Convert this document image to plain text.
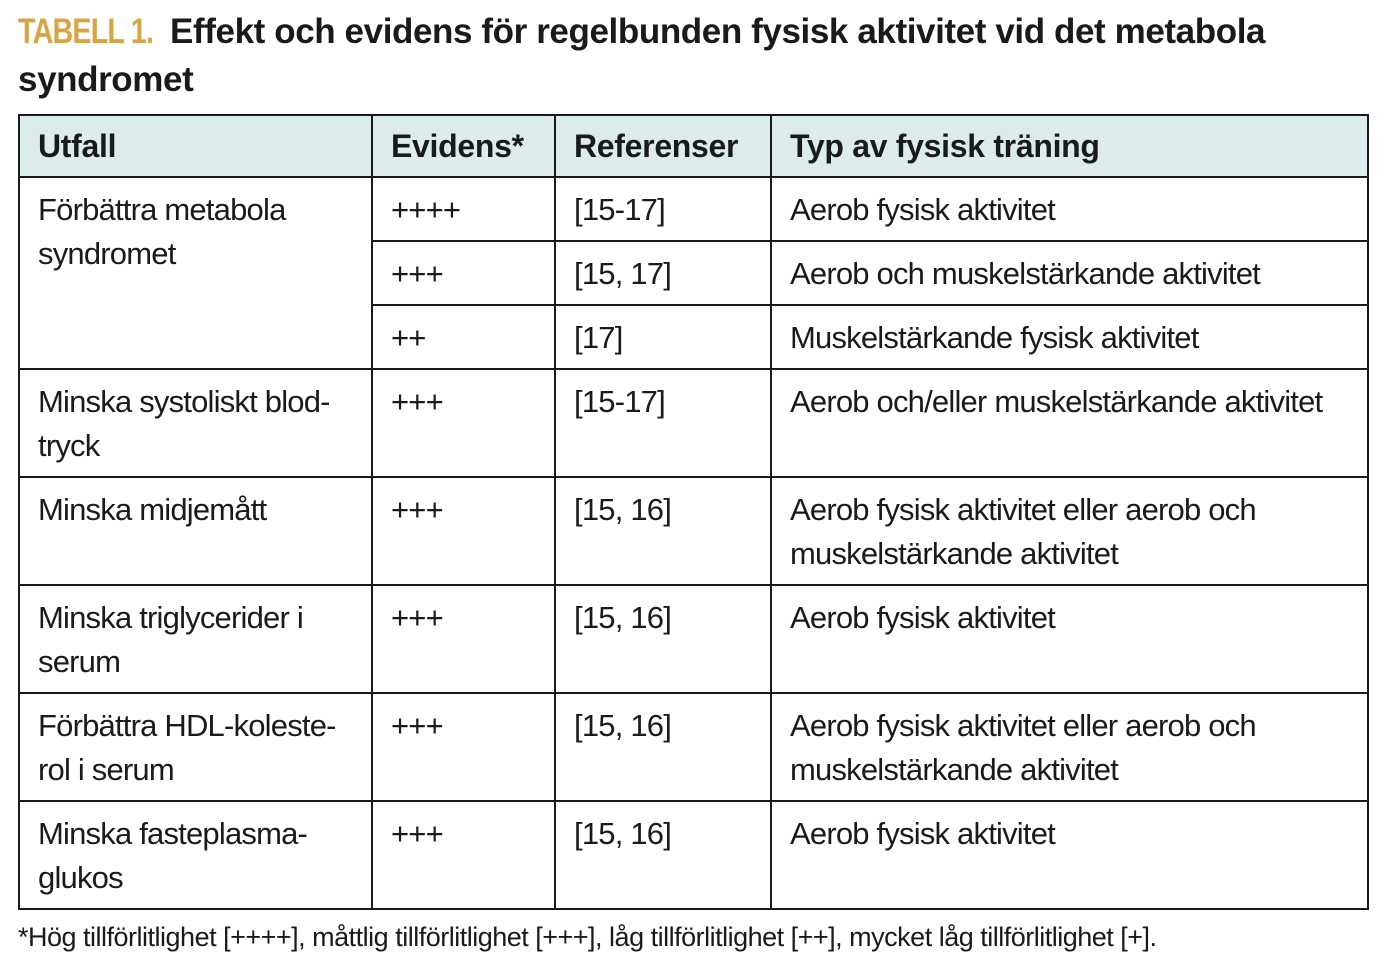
TABELL 1. Effekt och evidens för regelbunden fysisk aktivitet vid det metabola syndromet
Utfall	Evidens*	Referenser	Typ av fysisk träning
Förbättra metabola syndromet	++++	[15-17]	Aerob fysisk aktivitet
	+++	[15, 17]	Aerob och muskelstärkande aktivitet
	++	[17]	Muskelstärkande fysisk aktivitet
Minska systoliskt blod-tryck	+++	[15-17]	Aerob och/eller muskelstärkande aktivitet
Minska midjemått	+++	[15, 16]	Aerob fysisk aktivitet eller aerob och muskelstärkande aktivitet
Minska triglycerider i serum	+++	[15, 16]	Aerob fysisk aktivitet
Förbättra HDL-koleste-rol i serum	+++	[15, 16]	Aerob fysisk aktivitet eller aerob och muskelstärkande aktivitet
Minska fasteplasma-glukos	+++	[15, 16]	Aerob fysisk aktivitet
*Hög tillförlitlighet [++++], måttlig tillförlitlighet [+++], låg tillförlitlighet [++], mycket låg tillförlitlighet [+].
